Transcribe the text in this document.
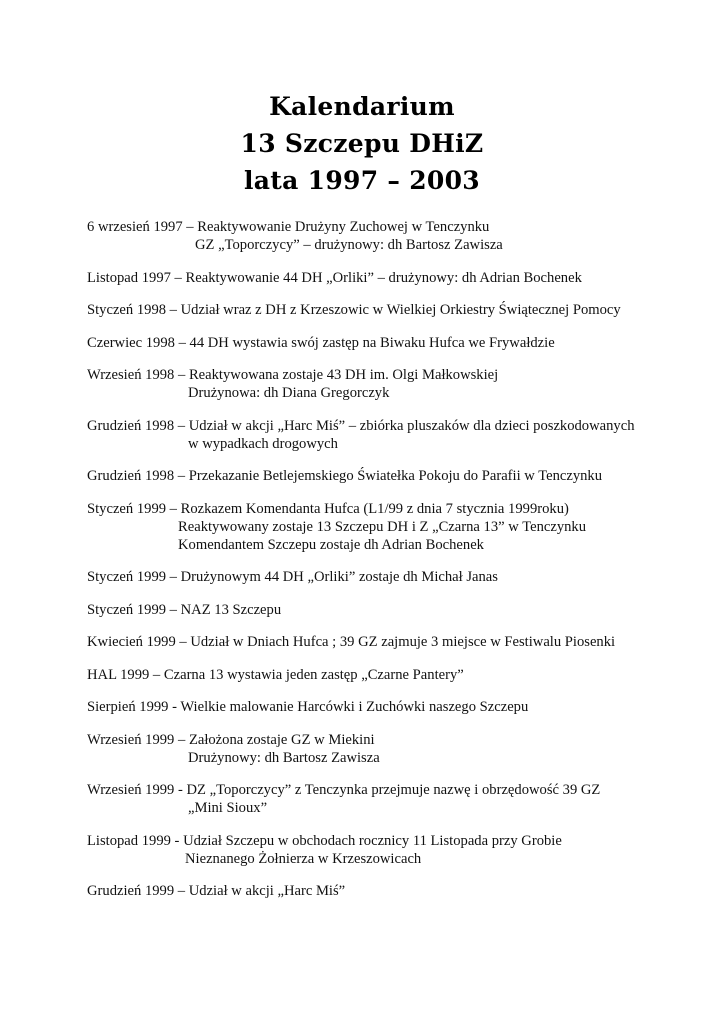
Kalendarium
13 Szczepu DHiZ
lata 1997 – 2003
6 wrzesień 1997 – Reaktywowanie Drużyny Zuchowej w Tenczynku
GZ „Toporczycy” – drużynowy: dh Bartosz Zawisza
Listopad 1997 – Reaktywowanie 44 DH „Orliki” – drużynowy: dh Adrian Bochenek
Styczeń 1998 – Udział wraz z DH z Krzeszowic w Wielkiej Orkiestry Świątecznej Pomocy
Czerwiec 1998 – 44 DH wystawia swój zastęp na Biwaku Hufca we Frywałdzie
Wrzesień 1998 – Reaktywowana zostaje 43 DH im. Olgi Małkowskiej
Drużynowa: dh Diana Gregorczyk
Grudzień 1998 – Udział w akcji „Harc Miś” – zbiórka pluszaków dla dzieci poszkodowanych
w wypadkach drogowych
Grudzień 1998 – Przekazanie Betlejemskiego Światełka Pokoju do Parafii w Tenczynku
Styczeń 1999 – Rozkazem Komendanta Hufca (L1/99 z dnia 7 stycznia 1999roku)
Reaktywowany zostaje 13 Szczepu DH i Z „Czarna 13” w Tenczynku
Komendantem Szczepu zostaje dh Adrian Bochenek
Styczeń 1999 – Drużynowym 44 DH „Orliki” zostaje dh Michał Janas
Styczeń 1999 – NAZ 13 Szczepu
Kwiecień 1999 – Udział w Dniach Hufca ; 39 GZ zajmuje 3 miejsce w Festiwalu Piosenki
HAL 1999 – Czarna 13 wystawia jeden zastęp „Czarne Pantery”
Sierpień 1999 - Wielkie malowanie Harcówki i Zuchówki naszego Szczepu
Wrzesień 1999 – Założona zostaje GZ w Miekini
Drużynowy: dh Bartosz Zawisza
Wrzesień 1999 - DZ „Toporczycy” z Tenczynka przejmuje nazwę i obrzędowość 39 GZ
„Mini Sioux”
Listopad 1999 - Udział Szczepu w obchodach rocznicy 11 Listopada przy Grobie
Nieznanego Żołnierza w Krzeszowicach
Grudzień 1999 – Udział w akcji „Harc Miś”
